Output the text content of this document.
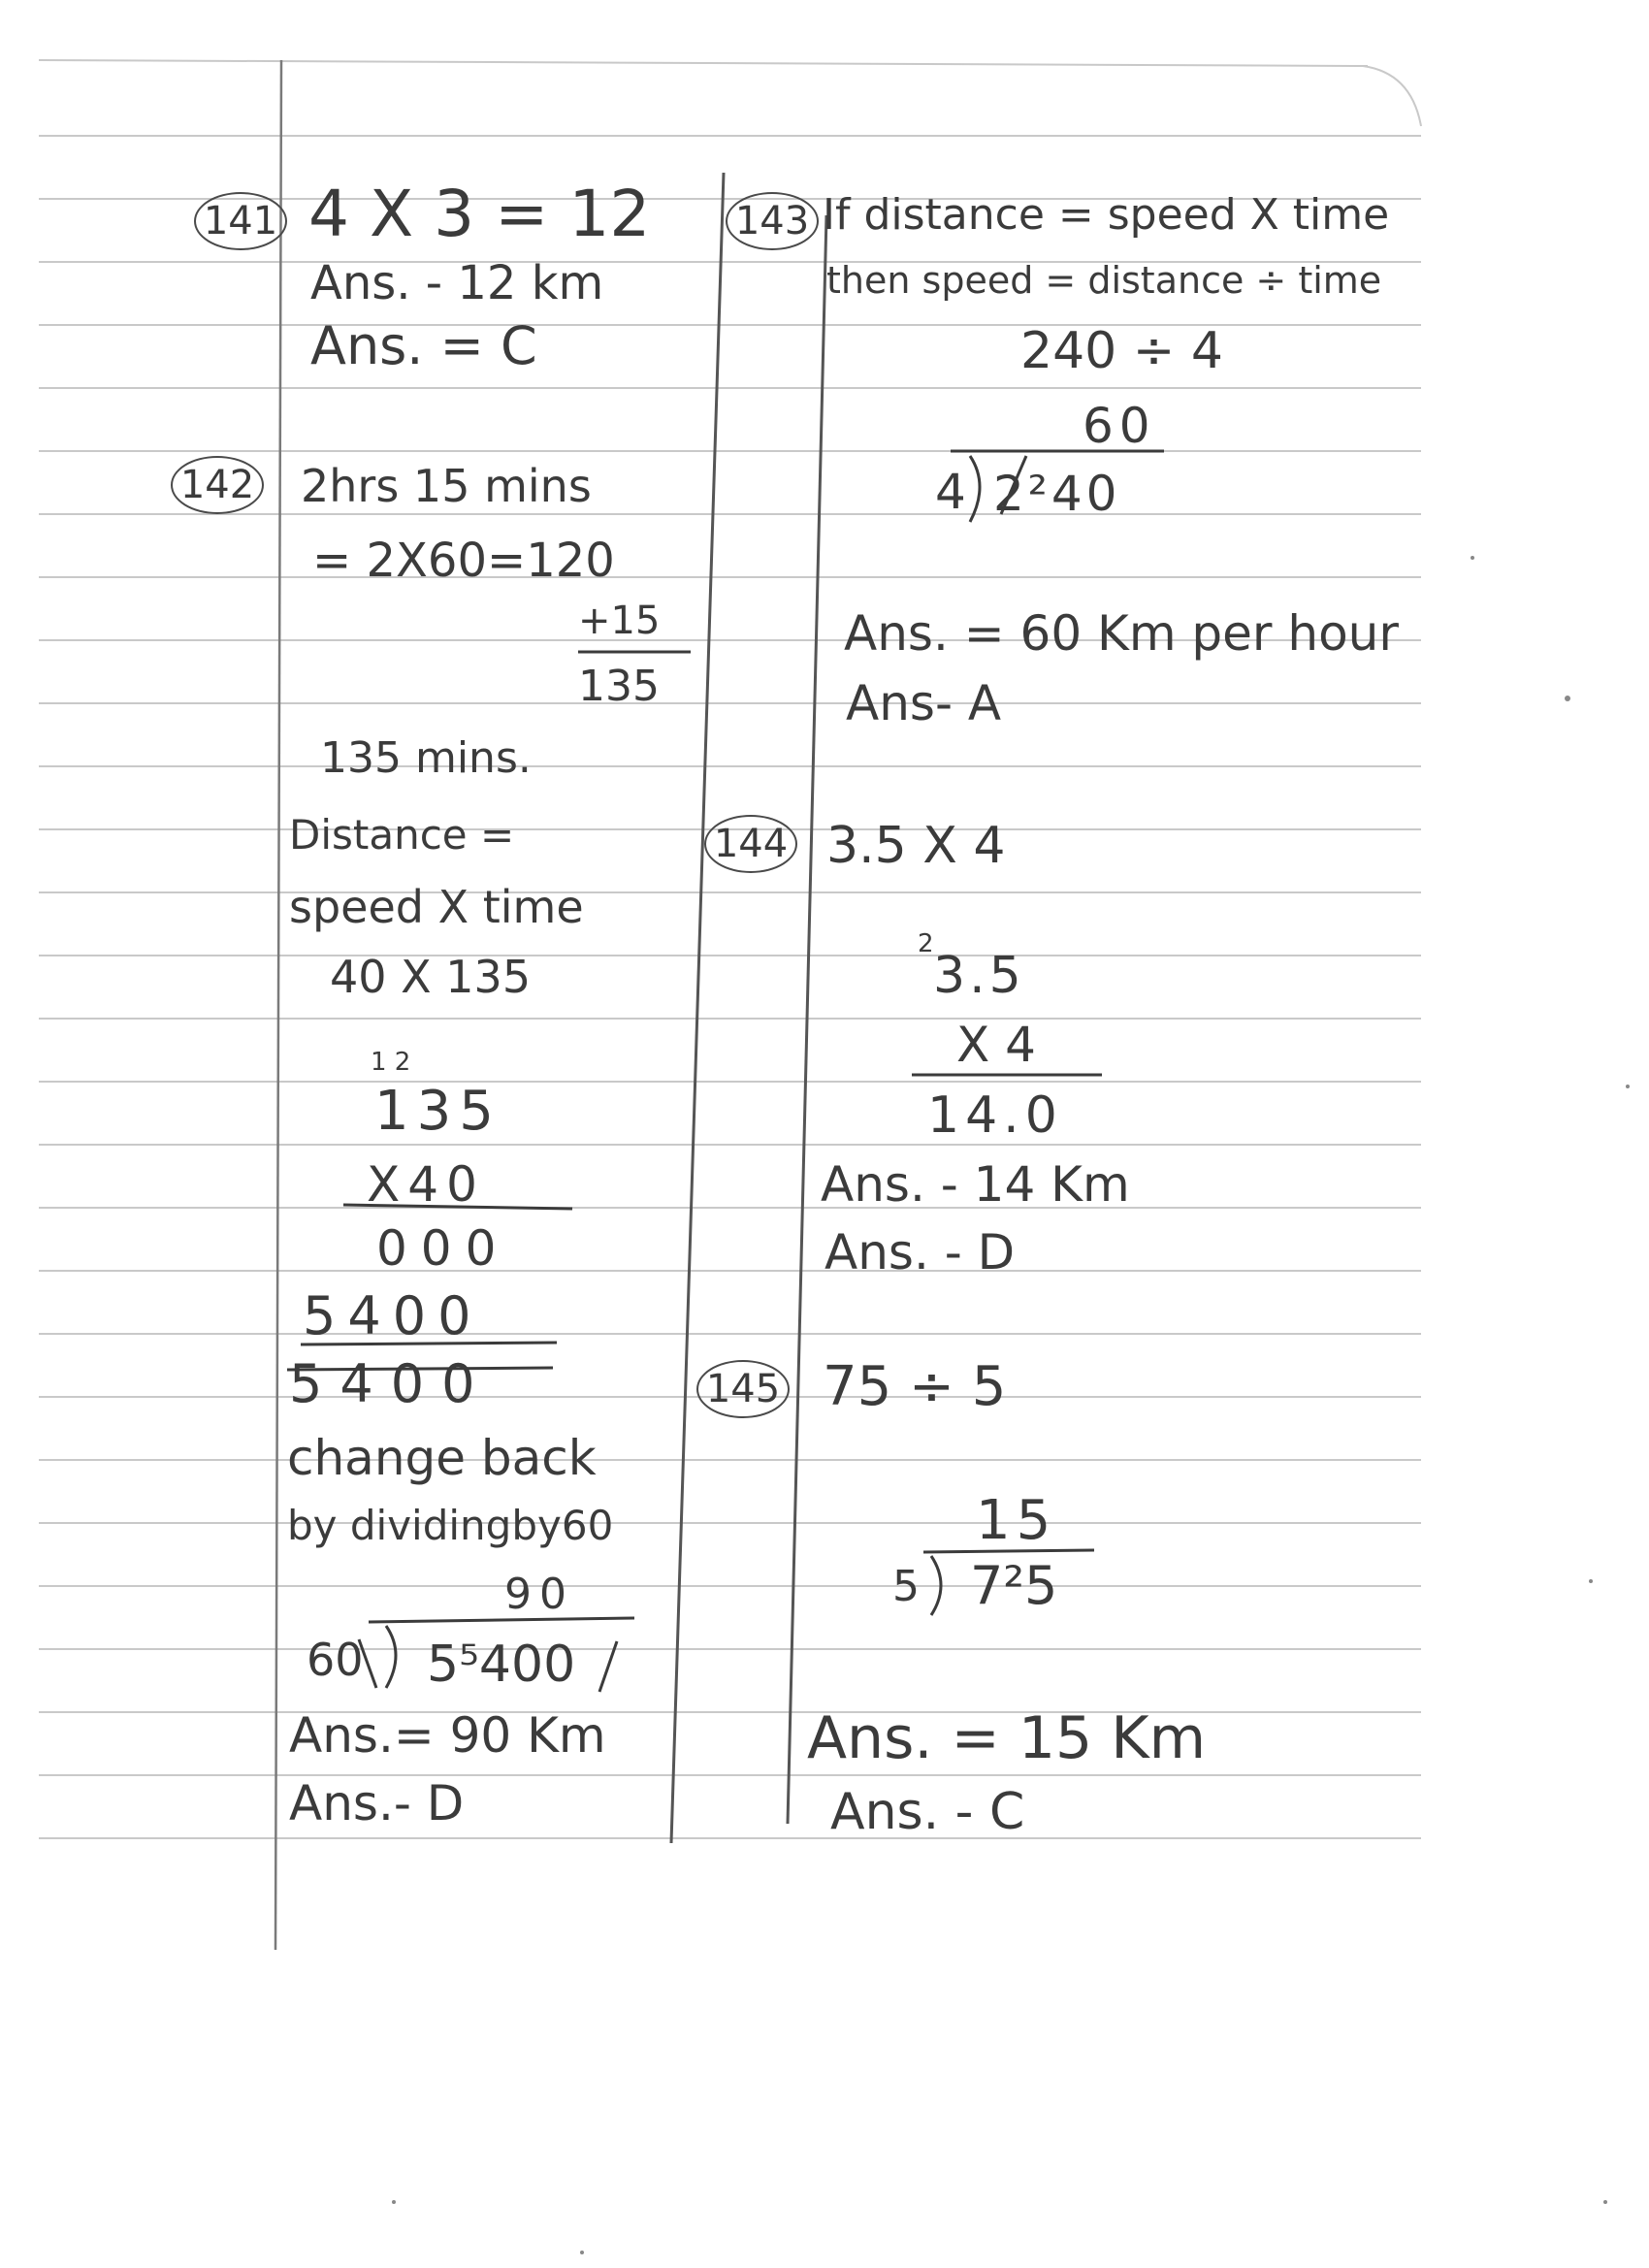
141 4 X 3 = 12
Ans. - 12 km
Ans. = C
142 2hrs 15 mins
= 2X60=120
+15
135
135 mins.
Distance =
speed X time
40 X 135
1 2
135
X40
000
5400
5400
change back
by dividingby60
90
60 5⁵400
Ans.= 90 Km
Ans.- D
143 If distance = speed X time
then speed = distance ÷ time
240 ÷ 4
60
4 2²40
Ans. = 60 Km per hour
Ans- A
144 3.5 X 4
2
3.5
X 4
14.0
Ans. - 14 Km
Ans. - D
145 75 ÷ 5
15
5 7²5
Ans. = 15 Km
Ans. - C
